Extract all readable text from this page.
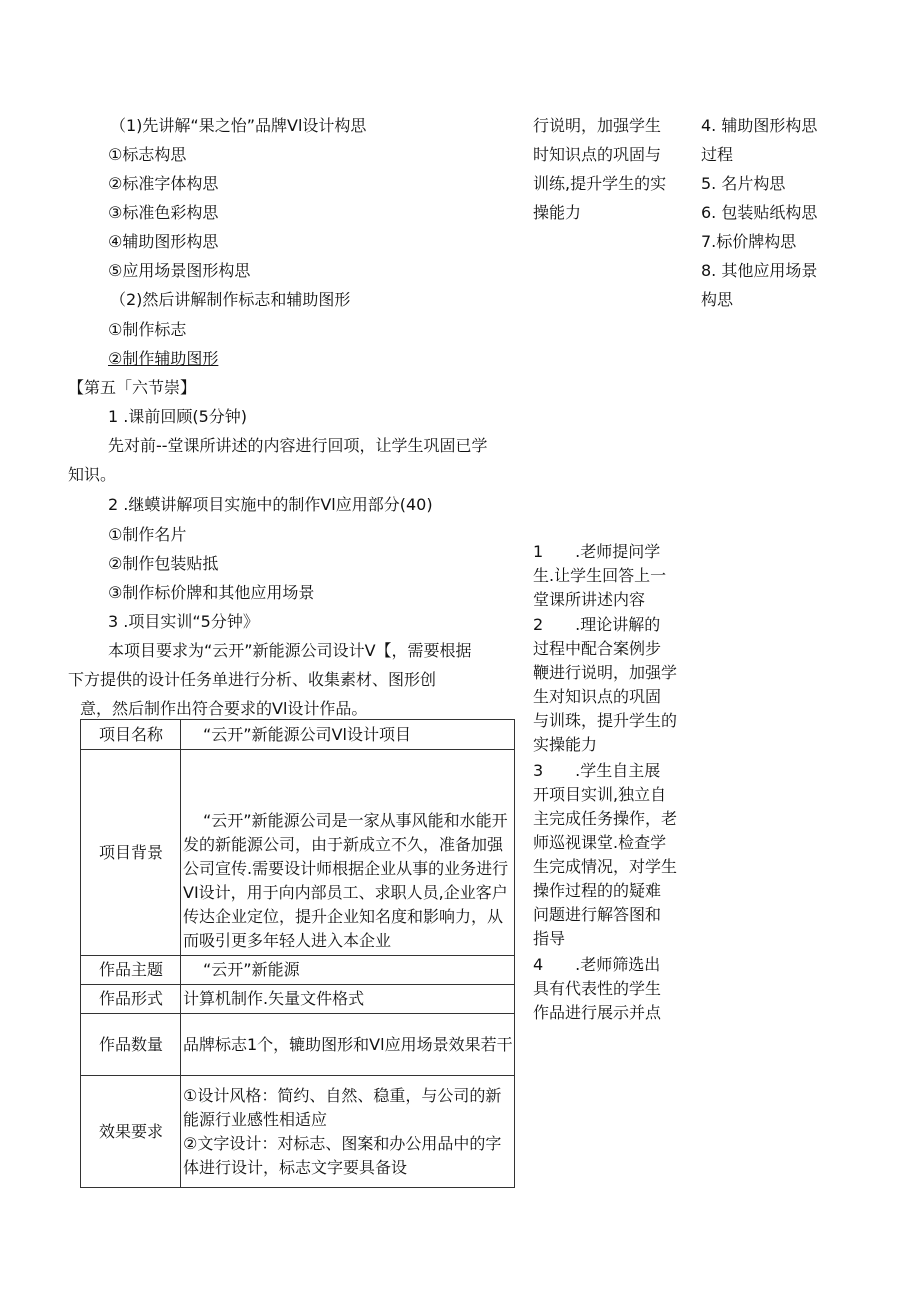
（1)先讲解“果之怡”品牌Vl设计构思
①标志构思
②标准字体构思
③标准色彩构思
④辅助图形构思
⑤应用场景图形构思
（2)然后讲解制作标志和辅助图形
①制作标志
②制作辅助图形
【第五「六节崇】
1 .课前回顾(5分钟)
先对前--堂课所讲述的内容进行回项，让学生巩固已学
知识。
2 .继蟆讲解项目实施中的制作Vl应用部分(40)
①制作名片
②制作包装贴抵
③制作标价牌和其他应用场景
3 .项目实训“5分钟》
本项目要求为“云开”新能源公司设计V【，需要根据
下方提供的设计任务单进行分析、收集素材、图形创
意，然后制作出符合要求的Vl设计作品。
行说明，加强学生
时知识点的巩固与
训练,提升学生的实
操能力
4. 辅助图形构思
过程
5. 名片构思
6. 包装贴纸构思
7.标价牌构思
8. 其他应用场景
构思
1　　.老师提问学
生.让学生回答上一
堂课所讲述内容
2　　.理论讲解的
过程中配合案例步
鞭进行说明，加强学
生对知识点的巩固
与训珠，提升学生的
实操能力
3　　.学生自主展
开项目实训,独立自
主完成任务操作，老
师巡视课堂.检查学
生完成情况，对学生
操作过程的的疑难
问题进行解答图和
指导
4　　.老师筛选出
具有代表性的学生
作品进行展示并点
项目名称	“云开”新能源公司Vl设计项目
项目背景	“云开”新能源公司是一家从事风能和水能开发的新能源公司，由于新成立不久，准备加强公司宣传.需要设计师根据企业从事的业务进行VI设计，用于向内部员工、求职人员,企业客户传达企业定位，提升企业知名度和影响力，从而吸引更多年轻人进入本企业
作品主题	“云开”新能源
作品形式	计算机制作.矢量文件格式
作品数量	品牌标志1个，辘助图形和Vl应用场景效果若干
效果要求	①设计风格：简约、自然、稳重，与公司的新能源行业感性相适应
②文字设计：对标志、图案和办公用品中的字体进行设计，标志文字要具备设
